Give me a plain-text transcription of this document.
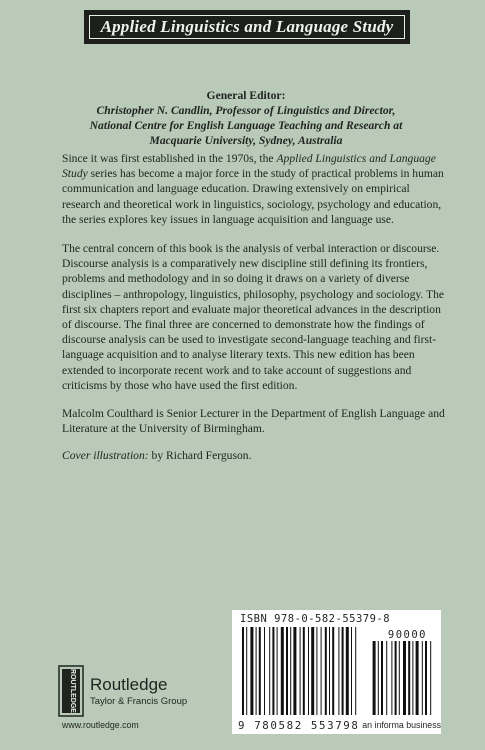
Applied Linguistics and Language Study
General Editor:
Christopher N. Candlin, Professor of Linguistics and Director,
National Centre for English Language Teaching and Research at
Macquarie University, Sydney, Australia

Since it was first established in the 1970s, the Applied Linguistics and Language Study series has become a major force in the study of practical problems in human communication and language education. Drawing extensively on empirical research and theoretical work in linguistics, sociology, psychology and education, the series explores key issues in language acquisition and language use.

The central concern of this book is the analysis of verbal interaction or discourse. Discourse analysis is a comparatively new discipline still defining its frontiers, problems and methodology and in so doing it draws on a variety of diverse disciplines – anthropology, linguistics, philosophy, psychology and sociology. The first six chapters report and evaluate major theoretical advances in the description of discourse. The final three are concerned to demonstrate how the findings of discourse analysis can be used to investigate second-language teaching and first-language acquisition and to analyse literary texts. This new edition has been extended to incorporate recent work and to take account of suggestions and criticisms by those who have used the first edition.

Malcolm Coulthard is Senior Lecturer in the Department of English Language and Literature at the University of Birmingham.

Cover illustration: by Richard Ferguson.

ISBN 978-0-582-55379-8
90000
9 780582 553798
ROUTLEDGE Routledge
Taylor & Francis Group
www.routledge.com	an informa business
